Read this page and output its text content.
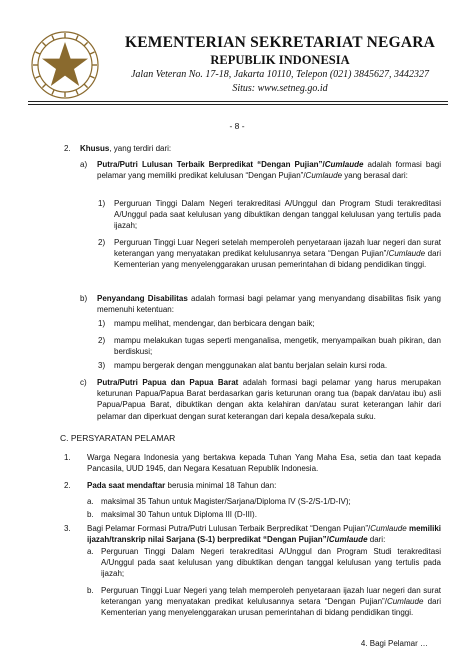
KEMENTERIAN SEKRETARIAT NEGARA
REPUBLIK INDONESIA
Jalan Veteran No. 17-18, Jakarta 10110, Telepon (021) 3845627, 3442327
Situs: www.setneg.go.id
- 8 -
2. Khusus, yang terdiri dari:
a) Putra/Putri Lulusan Terbaik Berpredikat “Dengan Pujian”/Cumlaude adalah formasi bagi pelamar yang memiliki predikat kelulusan “Dengan Pujian”/Cumlaude yang berasal dari:
1) Perguruan Tinggi Dalam Negeri terakreditasi A/Unggul dan Program Studi terakreditasi A/Unggul pada saat kelulusan yang dibuktikan dengan tanggal kelulusan yang tertulis pada ijazah;
2) Perguruan Tinggi Luar Negeri setelah memperoleh penyetaraan ijazah luar negeri dan surat keterangan yang menyatakan predikat kelulusannya setara “Dengan Pujian”/Cumlaude dari Kementerian yang menyelenggarakan urusan pemerintahan di bidang pendidikan tinggi.
b) Penyandang Disabilitas adalah formasi bagi pelamar yang menyandang disabilitas fisik yang memenuhi ketentuan:
1) mampu melihat, mendengar, dan berbicara dengan baik;
2) mampu melakukan tugas seperti menganalisa, mengetik, menyampaikan buah pikiran, dan berdiskusi;
3) mampu bergerak dengan menggunakan alat bantu berjalan selain kursi roda.
c) Putra/Putri Papua dan Papua Barat adalah formasi bagi pelamar yang harus merupakan keturunan Papua/Papua Barat berdasarkan garis keturunan orang tua (bapak dan/atau ibu) asli Papua/Papua Barat, dibuktikan dengan akta kelahiran dan/atau surat keterangan lahir dari pelamar dan diperkuat dengan surat keterangan dari kepala desa/kepala suku.
C. PERSYARATAN PELAMAR
1. Warga Negara Indonesia yang bertakwa kepada Tuhan Yang Maha Esa, setia dan taat kepada Pancasila, UUD 1945, dan Negara Kesatuan Republik Indonesia.
2. Pada saat mendaftar berusia minimal 18 Tahun dan:
a. maksimal 35 Tahun untuk Magister/Sarjana/Diploma IV (S-2/S-1/D-IV);
b. maksimal 30 Tahun untuk Diploma III (D-III).
3. Bagi Pelamar Formasi Putra/Putri Lulusan Terbaik Berpredikat “Dengan Pujian”/Cumlaude memiliki ijazah/transkrip nilai Sarjana (S-1) berpredikat “Dengan Pujian”/Cumlaude dari:
a. Perguruan Tinggi Dalam Negeri terakreditasi A/Unggul dan Program Studi terakreditasi A/Unggul pada saat kelulusan yang dibuktikan dengan tanggal kelulusan yang tertulis pada ijazah;
b. Perguruan Tinggi Luar Negeri yang telah memperoleh penyetaraan ijazah luar negeri dan surat keterangan yang menyatakan predikat kelulusannya setara “Dengan Pujian”/Cumlaude dari Kementerian yang menyelenggarakan urusan pemerintahan di bidang pendidikan tinggi.
4. Bagi Pelamar …
